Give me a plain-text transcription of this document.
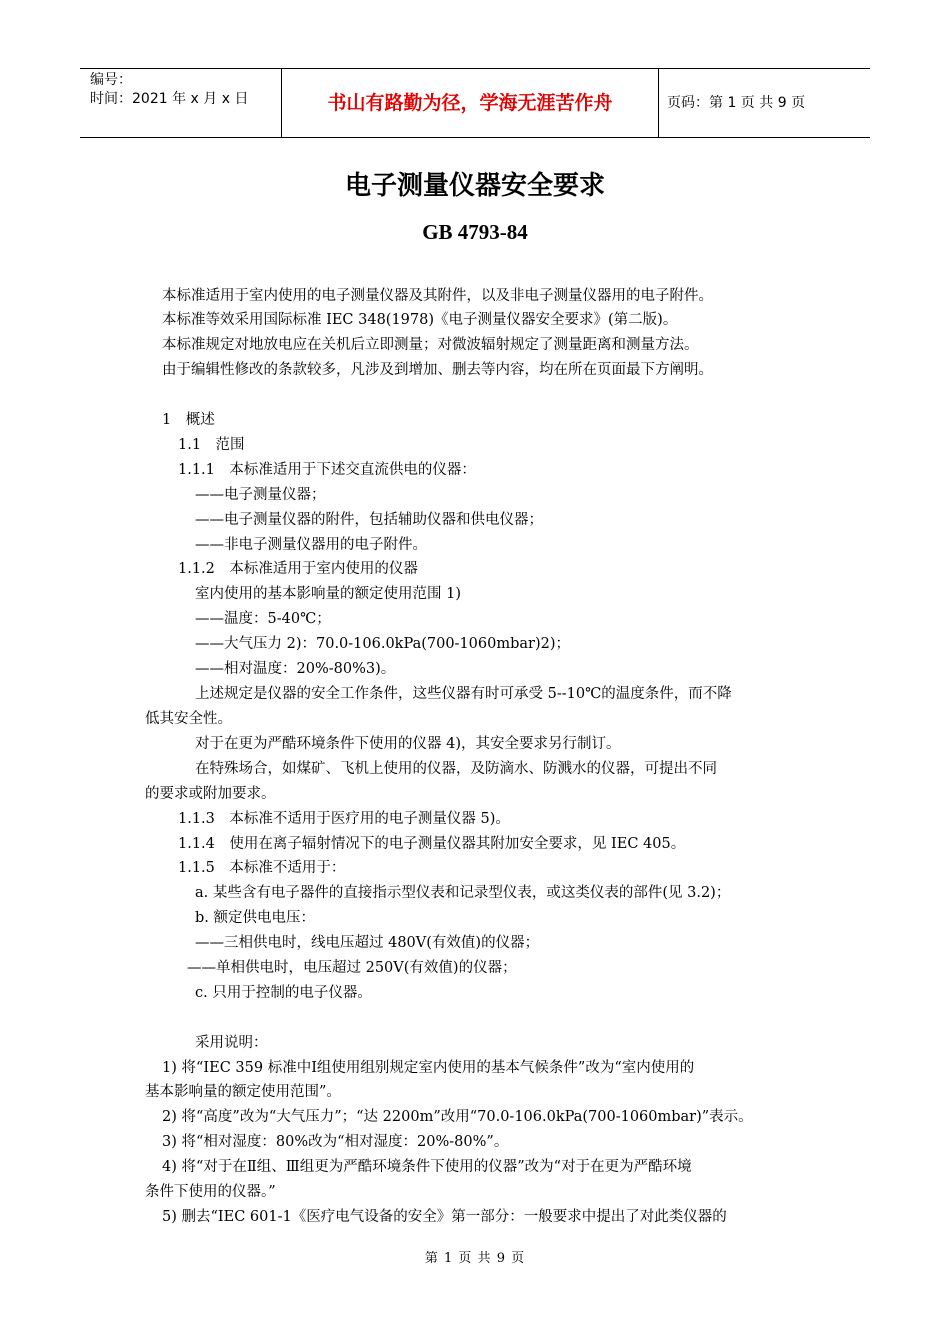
编号：
时间：2021 年 x 月 x 日	书山有路勤为径，学海无涯苦作舟	页码：第 1 页 共 9 页
电子测量仪器安全要求
GB 4793-84
本标准适用于室内使用的电子测量仪器及其附件，以及非电子测量仪器用的电子附件。
本标准等效采用国际标准 IEC 348(1978)《电子测量仪器安全要求》(第二版)。
本标准规定对地放电应在关机后立即测量；对微波辐射规定了测量距离和测量方法。
由于编辑性修改的条款较多，凡涉及到增加、删去等内容，均在所在页面最下方阐明。
1　概述
1.1　范围
1.1.1　本标准适用于下述交直流供电的仪器：
——电子测量仪器；
——电子测量仪器的附件，包括辅助仪器和供电仪器；
——非电子测量仪器用的电子附件。
1.1.2　本标准适用于室内使用的仪器
室内使用的基本影响量的额定使用范围 1)
——温度：5-40℃；
——大气压力 2)：70.0-106.0kPa(700-1060mbar)2)；
——相对温度：20%-80%3)。
上述规定是仪器的安全工作条件，这些仪器有时可承受 5--10℃的温度条件，而不降
低其安全性。
对于在更为严酷环境条件下使用的仪器 4)，其安全要求另行制订。
在特殊场合，如煤矿、飞机上使用的仪器，及防滴水、防溅水的仪器，可提出不同
的要求或附加要求。
1.1.3　本标准不适用于医疗用的电子测量仪器 5)。
1.1.4　使用在离子辐射情况下的电子测量仪器其附加安全要求，见 IEC 405。
1.1.5　本标准不适用于：
a. 某些含有电子器件的直接指示型仪表和记录型仪表，或这类仪表的部件(见 3.2)；
b. 额定供电电压：
——三相供电时，线电压超过 480V(有效值)的仪器；
——单相供电时，电压超过 250V(有效值)的仪器；
c. 只用于控制的电子仪器。
采用说明：
1) 将“IEC 359 标准中Ⅰ组使用组别规定室内使用的基本气候条件”改为“室内使用的
基本影响量的额定使用范围”。
2) 将“高度”改为“大气压力”；“达 2200m”改用“70.0-106.0kPa(700-1060mbar)”表示。
3) 将“相对湿度：80%改为“相对湿度：20%-80%”。
4) 将“对于在Ⅱ组、Ⅲ组更为严酷环境条件下使用的仪器”改为“对于在更为严酷环境
条件下使用的仪器。”
5) 删去“IEC 601-1《医疗电气设备的安全》第一部分：一般要求中提出了对此类仪器的
第 1 页 共 9 页
